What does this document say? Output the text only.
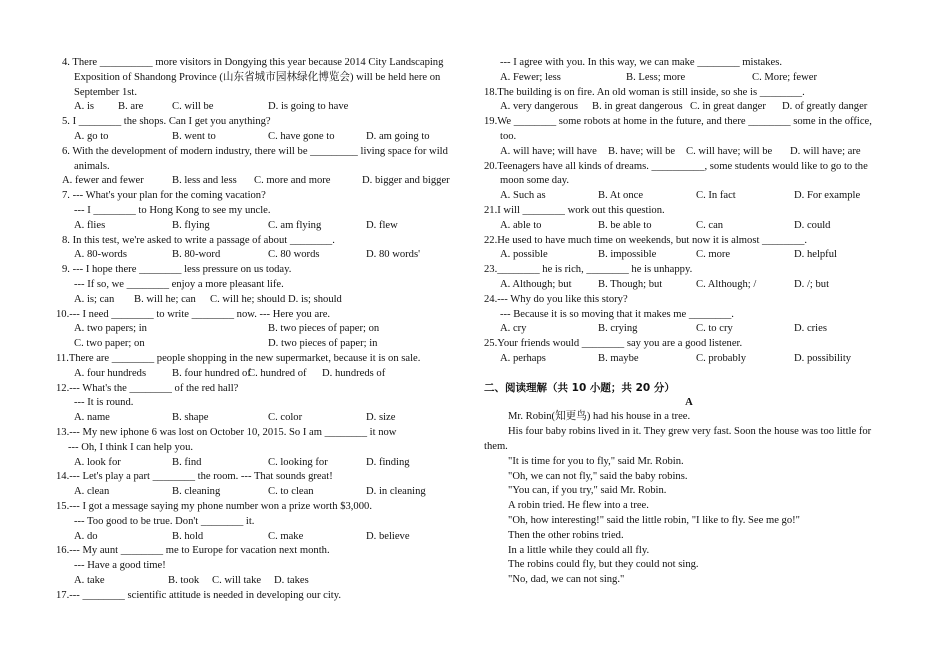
4. There __________ more visitors in Dongying this year because 2014 City Landscaping
Exposition of Shandong Province (山东省城市园林绿化博览会) will be held here on
September 1st.
A. is B. are	C. will be	D. is going to have
5. I ________ the shops. Can I get you anything?
A. go to	B. went to	C. have gone to	D. am going to
6. With the development of modern industry, there will be _________ living space for wild
animals.
A. fewer and fewer	B. less and less C. more and more	D. bigger and bigger
7. --- What's your plan for the coming vacation?
--- I ________ to Hong Kong to see my uncle.
A. flies	B. flying	C. am flying	D. flew
8. In this test, we're asked to write a passage of about ________.
A. 80-words	B. 80-word	C. 80 words	D. 80 words'
9. --- I hope there ________ less pressure on us today.
--- If so, we ________ enjoy a more pleasant life.
A. is; can B. will he; can C. will he; should D. is; should
10.--- I need ________ to write ________ now. --- Here you are.
A. two papers; in	B. two pieces of paper; on
C. two paper; on	D. two pieces of paper; in
11.There are ________ people shopping in the new supermarket, because it is on sale.
A. four hundreds B. four hundred of
C. hundred of D. hundreds of
12.--- What's the ________ of the red hall?
--- It is round.
A. name	B. shape	C. color	D. size
13.--- My new iphone 6 was lost on October 10, 2015. So I am ________ it now
--- Oh, I think I can help you.
A. look for	B. find	C. looking for	D. finding
14.--- Let's play a part ________ the room. --- That sounds great!
A. clean	B. cleaning	C. to clean	D. in cleaning
15.--- I got a message saying my phone number won a prize worth $3,000.
--- Too good to be true. Don't ________ it.
A. do	B. hold	C. make	D. believe
16.--- My aunt ________ me to Europe for vacation next month.
--- Have a good time!
A. take	B. took C. will take D. takes
17.--- ________ scientific attitude is needed in developing our city.
--- I agree with you. In this way, we can make ________ mistakes.
A. Fewer; less	B. Less; more	C. More; fewer
18.The building is on fire. An old woman is still inside, so she is ________.
A. very dangerous B. in great dangerous C. in great danger D. of greatly danger
19.We ________ some robots at home in the future, and there ________ some in the office,
too.
A. will have; will have B. have; will be C. will have; will be D. will have; are
20.Teenagers have all kinds of dreams. __________, some students would like to go to the
moon some day.
A. Such as	B. At once	C. In fact	D. For example
21.I will ________ work out this question.
A. able to	B. be able to	C. can	D. could
22.He used to have much time on weekends, but now it is almost ________.
A. possible	B. impossible	C. more	D. helpful
23.________ he is rich, ________ he is unhappy.
A. Although; but B. Though; but	C. Although; /	D. /; but
24.--- Why do you like this story?
--- Because it is so moving that it makes me ________.
A. cry	B. crying	C. to cry	D. cries
25.Your friends would ________ say you are a good listener.
A. perhaps	B. maybe	C. probably	D. possibility
二、阅读理解（共 10 小题；共 20 分）
A
Mr. Robin(知更鸟) had his house in a tree.
His four baby robins lived in it. They grew very fast. Soon the house was too little for them.
"It is time for you to fly," said Mr. Robin.
"Oh, we can not fly," said the baby robins.
"You can, if you try," said Mr. Robin.
A robin tried. He flew into a tree.
"Oh, how interesting!" said the little robin, "I like to fly. See me go!"
Then the other robins tried.
In a little while they could all fly.
The robins could fly, but they could not sing.
"No, dad, we can not sing."
